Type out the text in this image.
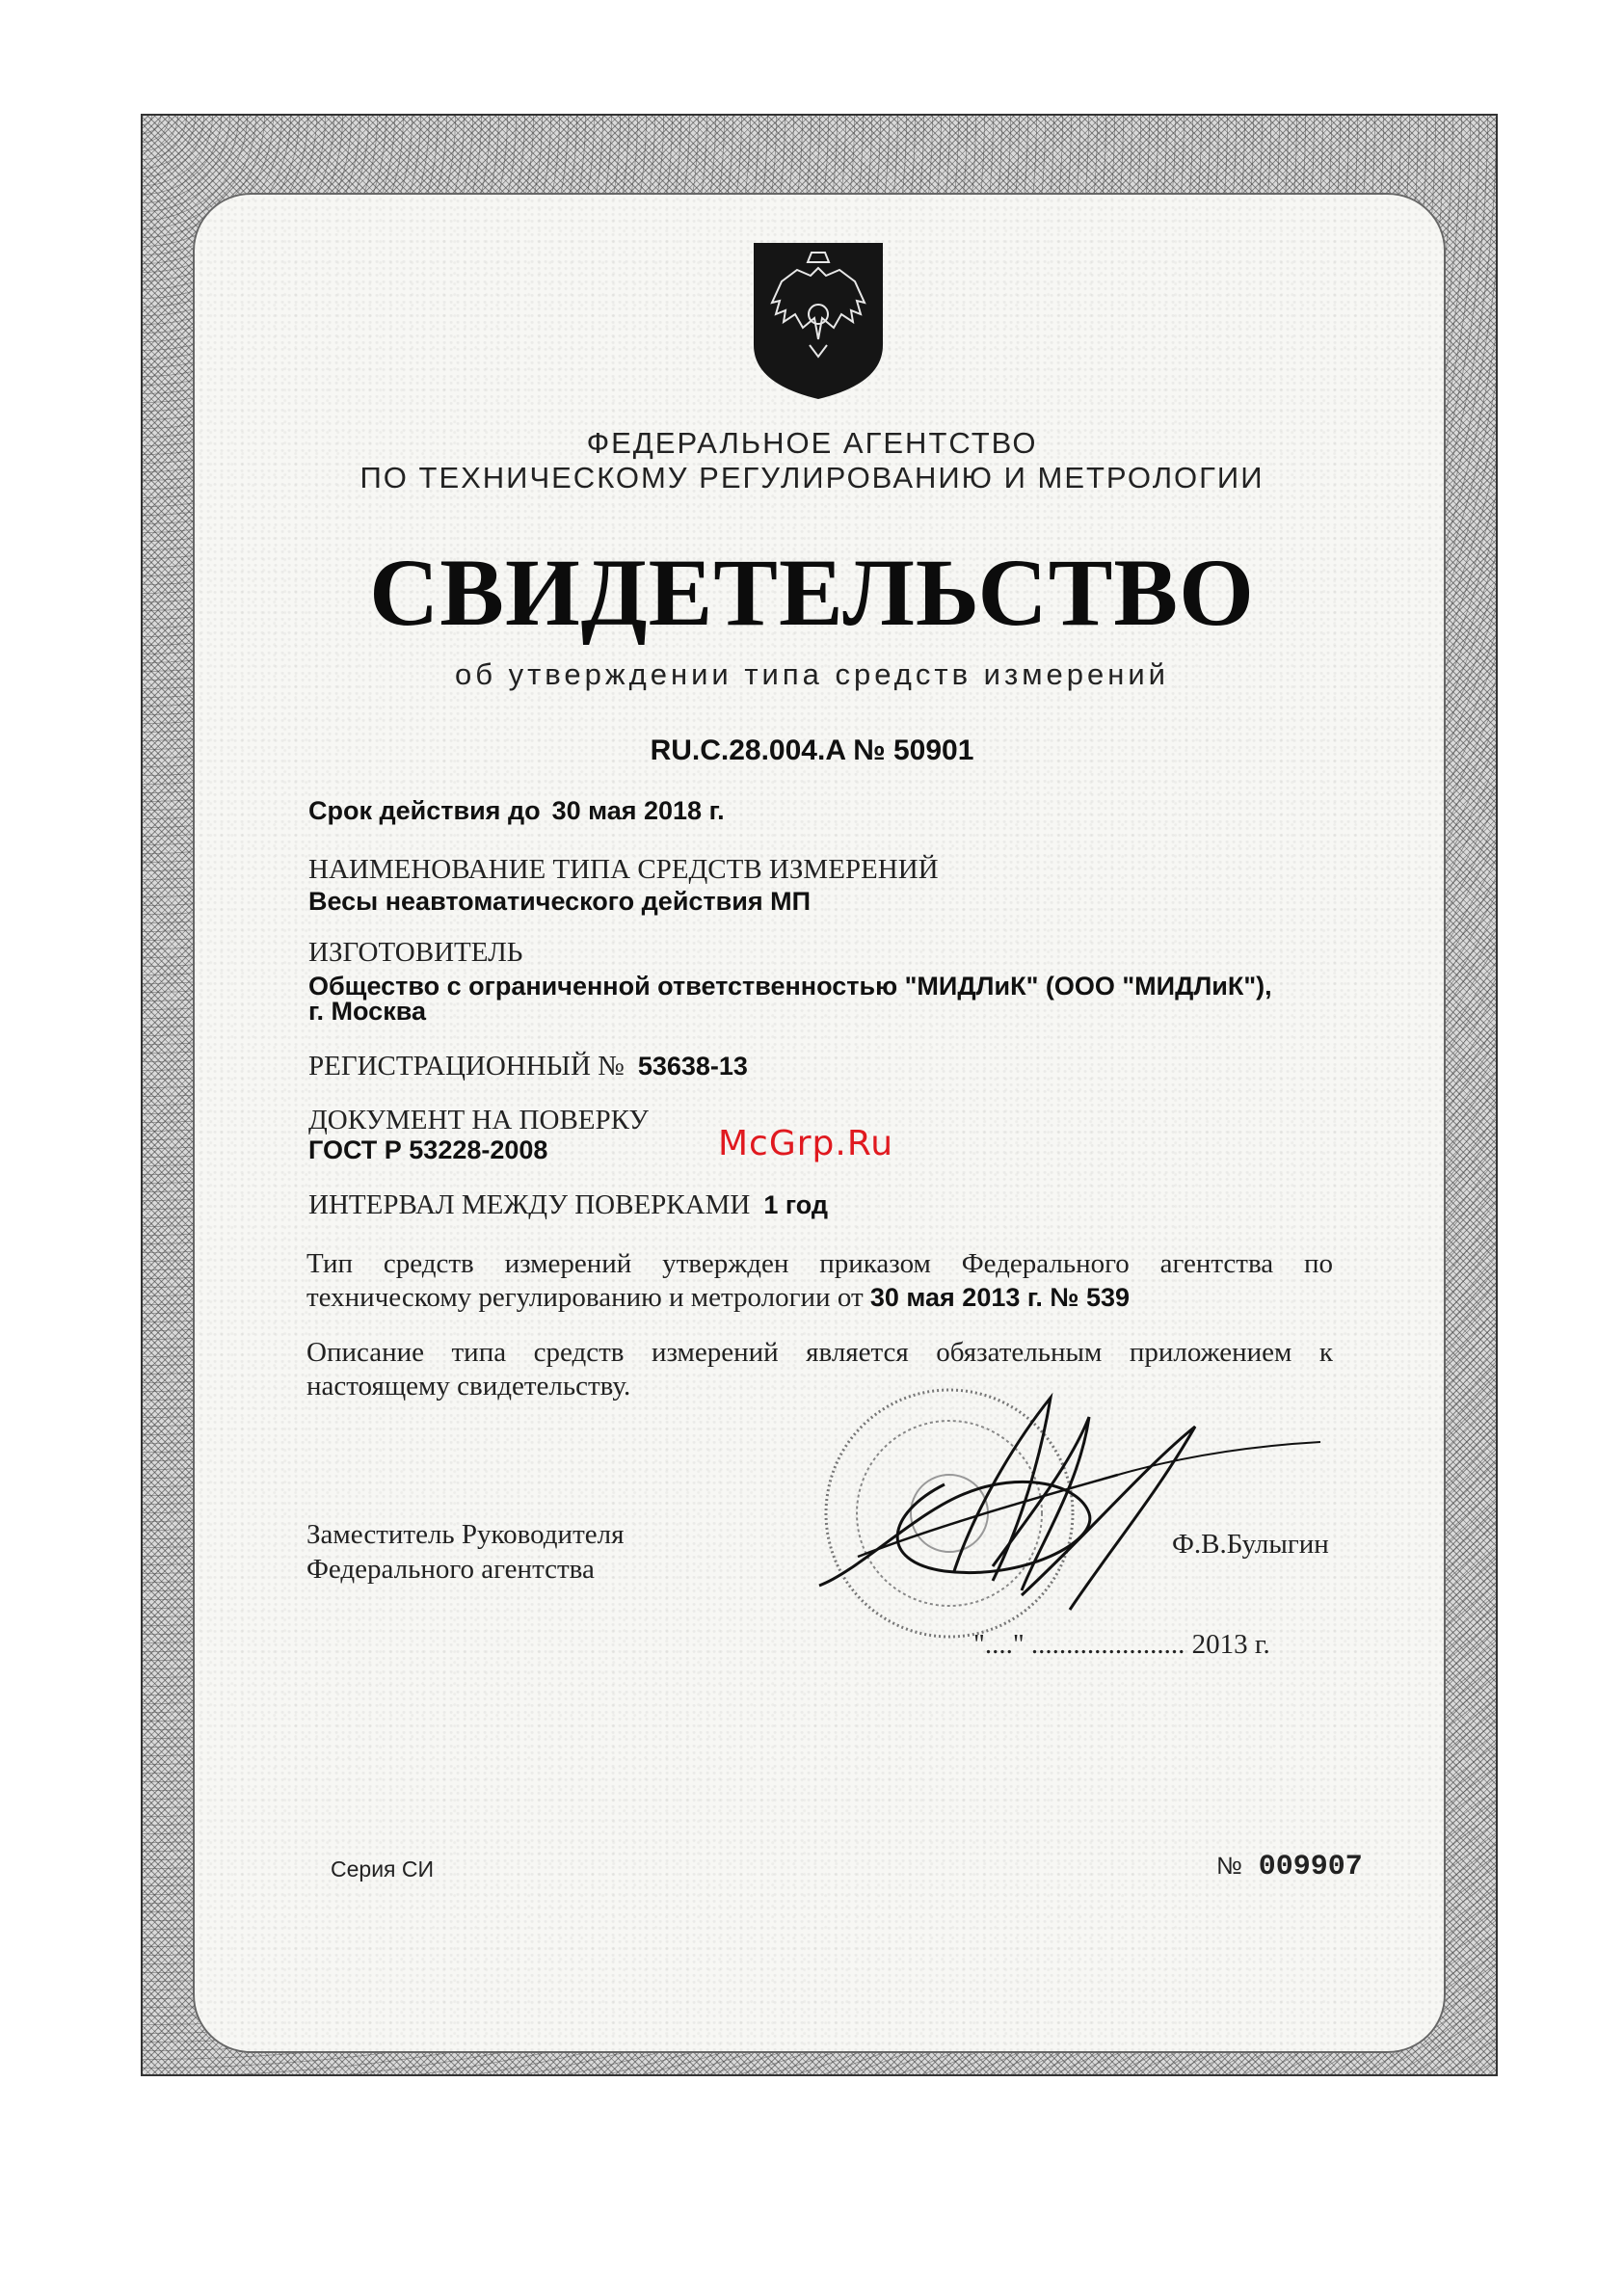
ФЕДЕРАЛЬНОЕ АГЕНТСТВО
ПО ТЕХНИЧЕСКОМУ РЕГУЛИРОВАНИЮ И МЕТРОЛОГИИ
СВИДЕТЕЛЬСТВО
об утверждении типа средств измерений
RU.C.28.004.A № 50901
Срок действия до 30 мая 2018 г.
НАИМЕНОВАНИЕ ТИПА СРЕДСТВ ИЗМЕРЕНИЙ
Весы неавтоматического действия МП
ИЗГОТОВИТЕЛЬ
Общество с ограниченной ответственностью "МИДЛиК" (ООО "МИДЛиК"),
г. Москва
РЕГИСТРАЦИОННЫЙ № 53638-13
ДОКУМЕНТ НА ПОВЕРКУ
ГОСТ Р 53228-2008	McGrp.Ru
ИНТЕРВАЛ МЕЖДУ ПОВЕРКАМИ 1 год
Тип средств измерений утвержден приказом Федерального агентства по техническому регулированию и метрологии от 30 мая 2013 г. № 539
Описание типа средств измерений является обязательным приложением к настоящему свидетельству.
Заместитель Руководителя
Федерального агентства
Ф.В.Булыгин
"...." ...................... 2013 г.
Серия СИ	№ 009907
